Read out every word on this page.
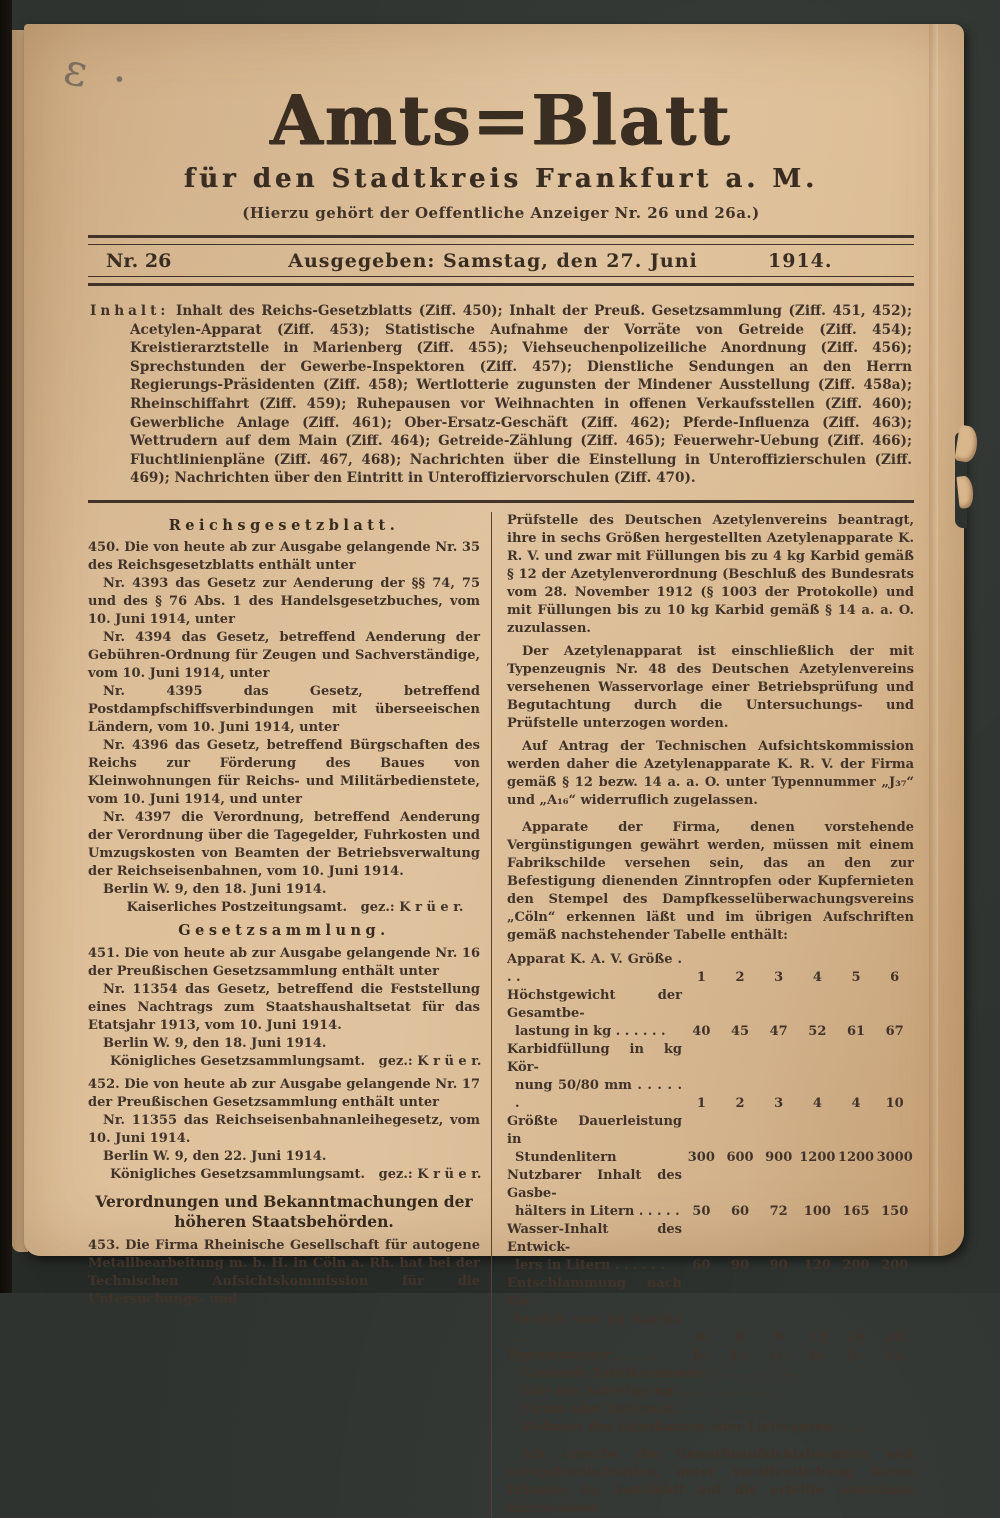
ε ·
Amts=Blatt
für den Stadtkreis Frankfurt a. M.
(Hierzu gehört der Oeffentliche Anzeiger Nr. 26 und 26a.)
Nr. 26	Ausgegeben: Samstag, den 27. Juni	1914.

Inhalt: Inhalt des Reichs-Gesetzblatts (Ziff. 450); Inhalt der Preuß. Gesetzsammlung (Ziff. 451, 452); Acetylen-Apparat (Ziff. 453); Statistische Aufnahme der Vorräte von Getreide (Ziff. 454); Kreistierarztstelle in Marienberg (Ziff. 455); Viehseuchenpolizeiliche Anordnung (Ziff. 456); Sprechstunden der Gewerbe-Inspektoren (Ziff. 457); Dienstliche Sendungen an den Herrn Regierungs-Präsidenten (Ziff. 458); Wertlotterie zugunsten der Mindener Ausstellung (Ziff. 458a); Rheinschiffahrt (Ziff. 459); Ruhepausen vor Weihnachten in offenen Verkaufsstellen (Ziff. 460); Gewerbliche Anlage (Ziff. 461); Ober-Ersatz-Geschäft (Ziff. 462); Pferde-Influenza (Ziff. 463); Wettrudern auf dem Main (Ziff. 464); Getreide-Zählung (Ziff. 465); Feuerwehr-Uebung (Ziff. 466); Fluchtlinienpläne (Ziff. 467, 468); Nachrichten über die Einstellung in Unteroffizierschulen (Ziff. 469); Nachrichten über den Eintritt in Unteroffiziervorschulen (Ziff. 470).

Reichsgesetzblatt.

450. Die von heute ab zur Ausgabe gelangende Nr. 35 des Reichsgesetzblatts enthält unter

Nr. 4393 das Gesetz zur Aenderung der §§ 74, 75 und des § 76 Abs. 1 des Handelsgesetzbuches, vom 10. Juni 1914, unter

Nr. 4394 das Gesetz, betreffend Aenderung der Gebühren-Ordnung für Zeugen und Sachverständige, vom 10. Juni 1914, unter

Nr. 4395 das Gesetz, betreffend Postdampfschiffsverbindungen mit überseeischen Ländern, vom 10. Juni 1914, unter

Nr. 4396 das Gesetz, betreffend Bürgschaften des Reichs zur Förderung des Baues von Kleinwohnungen für Reichs- und Militärbedienstete, vom 10. Juni 1914, und unter

Nr. 4397 die Verordnung, betreffend Aenderung der Verordnung über die Tagegelder, Fuhrkosten und Umzugskosten von Beamten der Betriebsverwaltung der Reichseisenbahnen, vom 10. Juni 1914.

Berlin W. 9, den 18. Juni 1914.

Kaiserliches Postzeitungsamt.   gez.: K r ü e r.
Gesetzsammlung.

451. Die von heute ab zur Ausgabe gelangende Nr. 16 der Preußischen Gesetzsammlung enthält unter

Nr. 11354 das Gesetz, betreffend die Feststellung eines Nachtrags zum Staatshaushaltsetat für das Etatsjahr 1913, vom 10. Juni 1914.

Berlin W. 9, den 18. Juni 1914.

Königliches Gesetzsammlungsamt.   gez.: K r ü e r.

452. Die von heute ab zur Ausgabe gelangende Nr. 17 der Preußischen Gesetzsammlung enthält unter

Nr. 11355 das Reichseisenbahnanleihegesetz, vom 10. Juni 1914.

Berlin W. 9, den 22. Juni 1914.

Königliches Gesetzsammlungsamt.   gez.: K r ü e r.
Verordnungen und Bekanntmachungen der höheren Staatsbehörden.

453. Die Firma Rheinische Gesellschaft für autogene Metallbearbeitung m. b. H. in Cöln a. Rh. hat bei der Technischen Aufsichtskommission für die Untersuchungs- und

Prüfstelle des Deutschen Azetylenvereins beantragt, ihre in sechs Größen hergestellten Azetylenapparate K. R. V. und zwar mit Füllungen bis zu 4 kg Karbid gemäß § 12 der Azetylenverordnung (Beschluß des Bundesrats vom 28. November 1912 (§ 1003 der Protokolle) und mit Füllungen bis zu 10 kg Karbid gemäß § 14 a. a. O. zuzulassen.

Der Azetylenapparat ist einschließlich der mit Typenzeugnis Nr. 48 des Deutschen Azetylenvereins versehenen Wasservorlage einer Betriebsprüfung und Begutachtung durch die Untersuchungs- und Prüfstelle unterzogen worden.

Auf Antrag der Technischen Aufsichtskommission werden daher die Azetylenapparate K. R. V. der Firma gemäß § 12 bezw. 14 a. a. O. unter Typennummer „J₃₇“ und „A₁₆“ widerruflich zugelassen.

Apparate der Firma, denen vorstehende Vergünstigungen gewährt werden, müssen mit einem Fabrikschilde versehen sein, das an den zur Befestigung dienenden Zinntropfen oder Kupfernieten den Stempel des Dampfkesselüberwachungsvereins „Cöln“ erkennen läßt und im übrigen Aufschriften gemäß nachstehender Tabelle enthält:

Apparat K. A. V. Größe . . .	1	2	3	4	5	6
Höchstgewicht der Gesamtbe-
lastung in kg . . . . . .	40	45	47	52	61	67
Karbidfüllung in kg Kör-
nung 50/80 mm . . . . . .	1	2	3	4	4	10
Größte Dauerleistung in
Stundenlitern	300 600 900 1200 1200 3000
Nutzbarer Inhalt des Gasbe-
hälters in Litern . . . . . 50	60	72	100 165 150
Wasser-Inhalt des Entwick-
lers in Litern . . . . . .	60	90	90	120 200 200
Entschlammung nach Ver-
brauch von kg Karbid . . .	6	8	9	12	20	20
Typennummer . . . . .	J₃₇	J₃₇	J₃₇	J₃₇	J₃₇	A₁₆
Laufende Fabriknummer: . . . . . . . . . .
Jahr der Anfertigung: . . . . . . . . . . .
Firma oder Lieferant: . . . . . . . . . . .
Wohnort des Fabrikanten oder Lieferanten: . . .

Ich ersuche die Gewerbeaufsichtsbeamten und Ortspolizeibehörden, unter Veröffentlichung dieses Erlasses im Amtsblatt auf die erteilte Ausnahme hinzuweisen.
